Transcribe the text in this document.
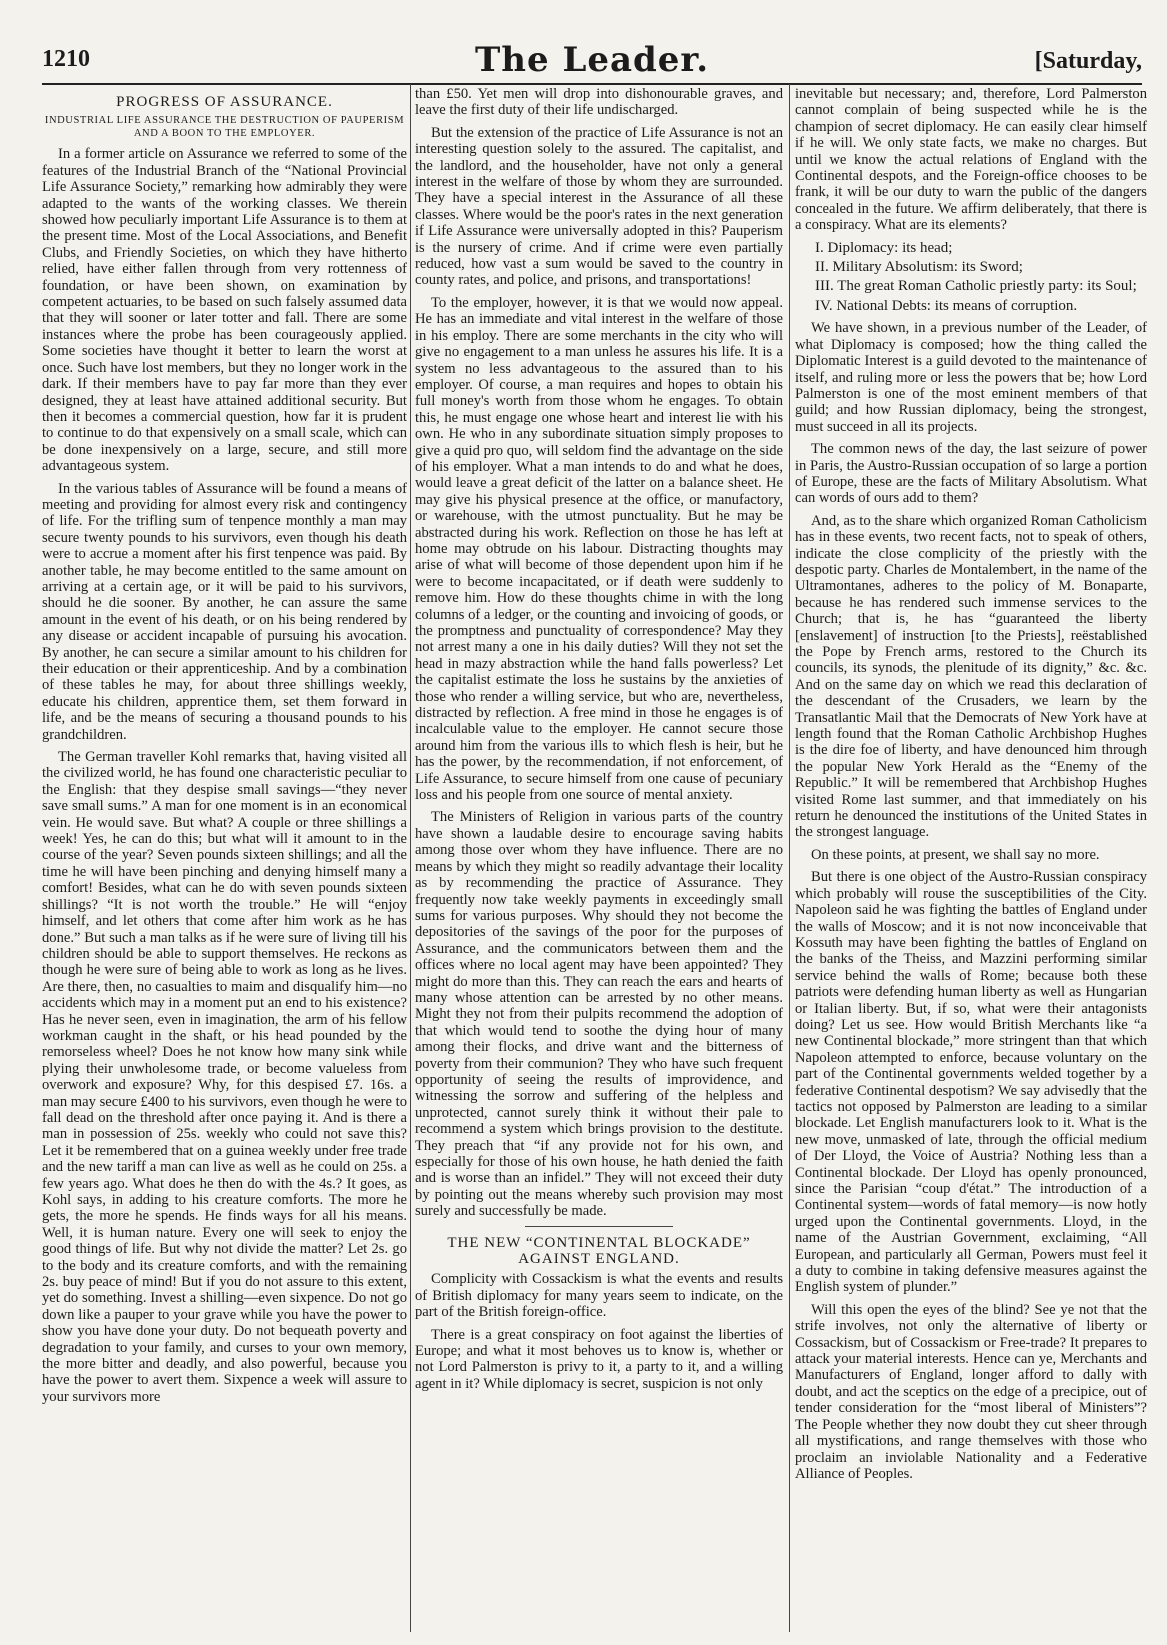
1210	The Leader.	[Saturday,
PROGRESS OF ASSURANCE.
INDUSTRIAL LIFE ASSURANCE THE DESTRUCTION OF PAUPERISM AND A BOON TO THE EMPLOYER.

In a former article on Assurance we referred to some of the features of the Industrial Branch of the “National Provincial Life Assurance Society,” remarking how admirably they were adapted to the wants of the working classes. We therein showed how peculiarly important Life Assurance is to them at the present time. Most of the Local Associations, and Benefit Clubs, and Friendly Societies, on which they have hitherto relied, have either fallen through from very rottenness of foundation, or have been shown, on examination by competent actuaries, to be based on such falsely assumed data that they will sooner or later totter and fall. There are some instances where the probe has been courageously applied. Some societies have thought it better to learn the worst at once. Such have lost members, but they no longer work in the dark. If their members have to pay far more than they ever designed, they at least have attained additional security. But then it becomes a commercial question, how far it is prudent to continue to do that expensively on a small scale, which can be done inexpensively on a large, secure, and still more advantageous system.

In the various tables of Assurance will be found a means of meeting and providing for almost every risk and contingency of life. For the trifling sum of tenpence monthly a man may secure twenty pounds to his survivors, even though his death were to accrue a moment after his first tenpence was paid. By another table, he may become entitled to the same amount on arriving at a certain age, or it will be paid to his survivors, should he die sooner. By another, he can assure the same amount in the event of his death, or on his being rendered by any disease or accident incapable of pursuing his avocation. By another, he can secure a similar amount to his children for their education or their apprenticeship. And by a combination of these tables he may, for about three shillings weekly, educate his children, apprentice them, set them forward in life, and be the means of securing a thousand pounds to his grandchildren.

The German traveller Kohl remarks that, having visited all the civilized world, he has found one characteristic peculiar to the English: that they despise small savings—“they never save small sums.” A man for one moment is in an economical vein. He would save. But what? A couple or three shillings a week! Yes, he can do this; but what will it amount to in the course of the year? Seven pounds sixteen shillings; and all the time he will have been pinching and denying himself many a comfort! Besides, what can he do with seven pounds sixteen shillings? “It is not worth the trouble.” He will “enjoy himself, and let others that come after him work as he has done.” But such a man talks as if he were sure of living till his children should be able to support themselves. He reckons as though he were sure of being able to work as long as he lives. Are there, then, no casualties to maim and disqualify him—no accidents which may in a moment put an end to his existence? Has he never seen, even in imagination, the arm of his fellow workman caught in the shaft, or his head pounded by the remorseless wheel? Does he not know how many sink while plying their unwholesome trade, or become valueless from overwork and exposure? Why, for this despised £7. 16s. a man may secure £400 to his survivors, even though he were to fall dead on the threshold after once paying it. And is there a man in possession of 25s. weekly who could not save this? Let it be remembered that on a guinea weekly under free trade and the new tariff a man can live as well as he could on 25s. a few years ago. What does he then do with the 4s.? It goes, as Kohl says, in adding to his creature comforts. The more he gets, the more he spends. He finds ways for all his means. Well, it is human nature. Every one will seek to enjoy the good things of life. But why not divide the matter? Let 2s. go to the body and its creature comforts, and with the remaining 2s. buy peace of mind! But if you do not assure to this extent, yet do something. Invest a shilling—even sixpence. Do not go down like a pauper to your grave while you have the power to show you have done your duty. Do not bequeath poverty and degradation to your family, and curses to your own memory, the more bitter and deadly, and also powerful, because you have the power to avert them. Sixpence a week will assure to your survivors more

than £50. Yet men will drop into dishonourable graves, and leave the first duty of their life undischarged.

But the extension of the practice of Life Assurance is not an interesting question solely to the assured. The capitalist, and the landlord, and the householder, have not only a general interest in the welfare of those by whom they are surrounded. They have a special interest in the Assurance of all these classes. Where would be the poor's rates in the next generation if Life Assurance were universally adopted in this? Pauperism is the nursery of crime. And if crime were even partially reduced, how vast a sum would be saved to the country in county rates, and police, and prisons, and transportations!

To the employer, however, it is that we would now appeal. He has an immediate and vital interest in the welfare of those in his employ. There are some merchants in the city who will give no engagement to a man unless he assures his life. It is a system no less advantageous to the assured than to his employer. Of course, a man requires and hopes to obtain his full money's worth from those whom he engages. To obtain this, he must engage one whose heart and interest lie with his own. He who in any subordinate situation simply proposes to give a quid pro quo, will seldom find the advantage on the side of his employer. What a man intends to do and what he does, would leave a great deficit of the latter on a balance sheet. He may give his physical presence at the office, or manufactory, or warehouse, with the utmost punctuality. But he may be abstracted during his work. Reflection on those he has left at home may obtrude on his labour. Distracting thoughts may arise of what will become of those dependent upon him if he were to become incapacitated, or if death were suddenly to remove him. How do these thoughts chime in with the long columns of a ledger, or the counting and invoicing of goods, or the promptness and punctuality of correspondence? May they not arrest many a one in his daily duties? Will they not set the head in mazy abstraction while the hand falls powerless? Let the capitalist estimate the loss he sustains by the anxieties of those who render a willing service, but who are, nevertheless, distracted by reflection. A free mind in those he engages is of incalculable value to the employer. He cannot secure those around him from the various ills to which flesh is heir, but he has the power, by the recommendation, if not enforcement, of Life Assurance, to secure himself from one cause of pecuniary loss and his people from one source of mental anxiety.

The Ministers of Religion in various parts of the country have shown a laudable desire to encourage saving habits among those over whom they have influence. There are no means by which they might so readily advantage their locality as by recommending the practice of Assurance. They frequently now take weekly payments in exceedingly small sums for various purposes. Why should they not become the depositories of the savings of the poor for the purposes of Assurance, and the communicators between them and the offices where no local agent may have been appointed? They might do more than this. They can reach the ears and hearts of many whose attention can be arrested by no other means. Might they not from their pulpits recommend the adoption of that which would tend to soothe the dying hour of many among their flocks, and drive want and the bitterness of poverty from their communion? They who have such frequent opportunity of seeing the results of improvidence, and witnessing the sorrow and suffering of the helpless and unprotected, cannot surely think it without their pale to recommend a system which brings provision to the destitute. They preach that “if any provide not for his own, and especially for those of his own house, he hath denied the faith and is worse than an infidel.” They will not exceed their duty by pointing out the means whereby such provision may most surely and successfully be made.

THE NEW “CONTINENTAL BLOCKADE” AGAINST ENGLAND.

Complicity with Cossackism is what the events and results of British diplomacy for many years seem to indicate, on the part of the British foreign-office.

There is a great conspiracy on foot against the liberties of Europe; and what it most behoves us to know is, whether or not Lord Palmerston is privy to it, a party to it, and a willing agent in it? While diplomacy is secret, suspicion is not only

inevitable but necessary; and, therefore, Lord Palmerston cannot complain of being suspected while he is the champion of secret diplomacy. He can easily clear himself if he will. We only state facts, we make no charges. But until we know the actual relations of England with the Continental despots, and the Foreign-office chooses to be frank, it will be our duty to warn the public of the dangers concealed in the future. We affirm deliberately, that there is a conspiracy. What are its elements?

I. Diplomacy: its head;
II. Military Absolutism: its Sword;
III. The great Roman Catholic priestly party: its Soul;
IV. National Debts: its means of corruption.

We have shown, in a previous number of the Leader, of what Diplomacy is composed; how the thing called the Diplomatic Interest is a guild devoted to the maintenance of itself, and ruling more or less the powers that be; how Lord Palmerston is one of the most eminent members of that guild; and how Russian diplomacy, being the strongest, must succeed in all its projects.

The common news of the day, the last seizure of power in Paris, the Austro-Russian occupation of so large a portion of Europe, these are the facts of Military Absolutism. What can words of ours add to them?

And, as to the share which organized Roman Catholicism has in these events, two recent facts, not to speak of others, indicate the close complicity of the priestly with the despotic party. Charles de Montalembert, in the name of the Ultramontanes, adheres to the policy of M. Bonaparte, because he has rendered such immense services to the Church; that is, he has “guaranteed the liberty [enslavement] of instruction [to the Priests], reëstablished the Pope by French arms, restored to the Church its councils, its synods, the plenitude of its dignity,” &c. &c. And on the same day on which we read this declaration of the descendant of the Crusaders, we learn by the Transatlantic Mail that the Democrats of New York have at length found that the Roman Catholic Archbishop Hughes is the dire foe of liberty, and have denounced him through the popular New York Herald as the “Enemy of the Republic.” It will be remembered that Archbishop Hughes visited Rome last summer, and that immediately on his return he denounced the institutions of the United States in the strongest language.

On these points, at present, we shall say no more.

But there is one object of the Austro-Russian conspiracy which probably will rouse the susceptibilities of the City. Napoleon said he was fighting the battles of England under the walls of Moscow; and it is not now inconceivable that Kossuth may have been fighting the battles of England on the banks of the Theiss, and Mazzini performing similar service behind the walls of Rome; because both these patriots were defending human liberty as well as Hungarian or Italian liberty. But, if so, what were their antagonists doing? Let us see. How would British Merchants like “a new Continental blockade,” more stringent than that which Napoleon attempted to enforce, because voluntary on the part of the Continental governments welded together by a federative Continental despotism? We say advisedly that the tactics not opposed by Palmerston are leading to a similar blockade. Let English manufacturers look to it. What is the new move, unmasked of late, through the official medium of Der Lloyd, the Voice of Austria? Nothing less than a Continental blockade. Der Lloyd has openly pronounced, since the Parisian “coup d'état.” The introduction of a Continental system—words of fatal memory—is now hotly urged upon the Continental governments. Lloyd, in the name of the Austrian Government, exclaiming, “All European, and particularly all German, Powers must feel it a duty to combine in taking defensive measures against the English system of plunder.”

Will this open the eyes of the blind? See ye not that the strife involves, not only the alternative of liberty or Cossackism, but of Cossackism or Free-trade? It prepares to attack your material interests. Hence can ye, Merchants and Manufacturers of England, longer afford to dally with doubt, and act the sceptics on the edge of a precipice, out of tender consideration for the “most liberal of Ministers”? The People whether they now doubt they cut sheer through all mystifications, and range themselves with those who proclaim an inviolable Nationality and a Federative Alliance of Peoples.
